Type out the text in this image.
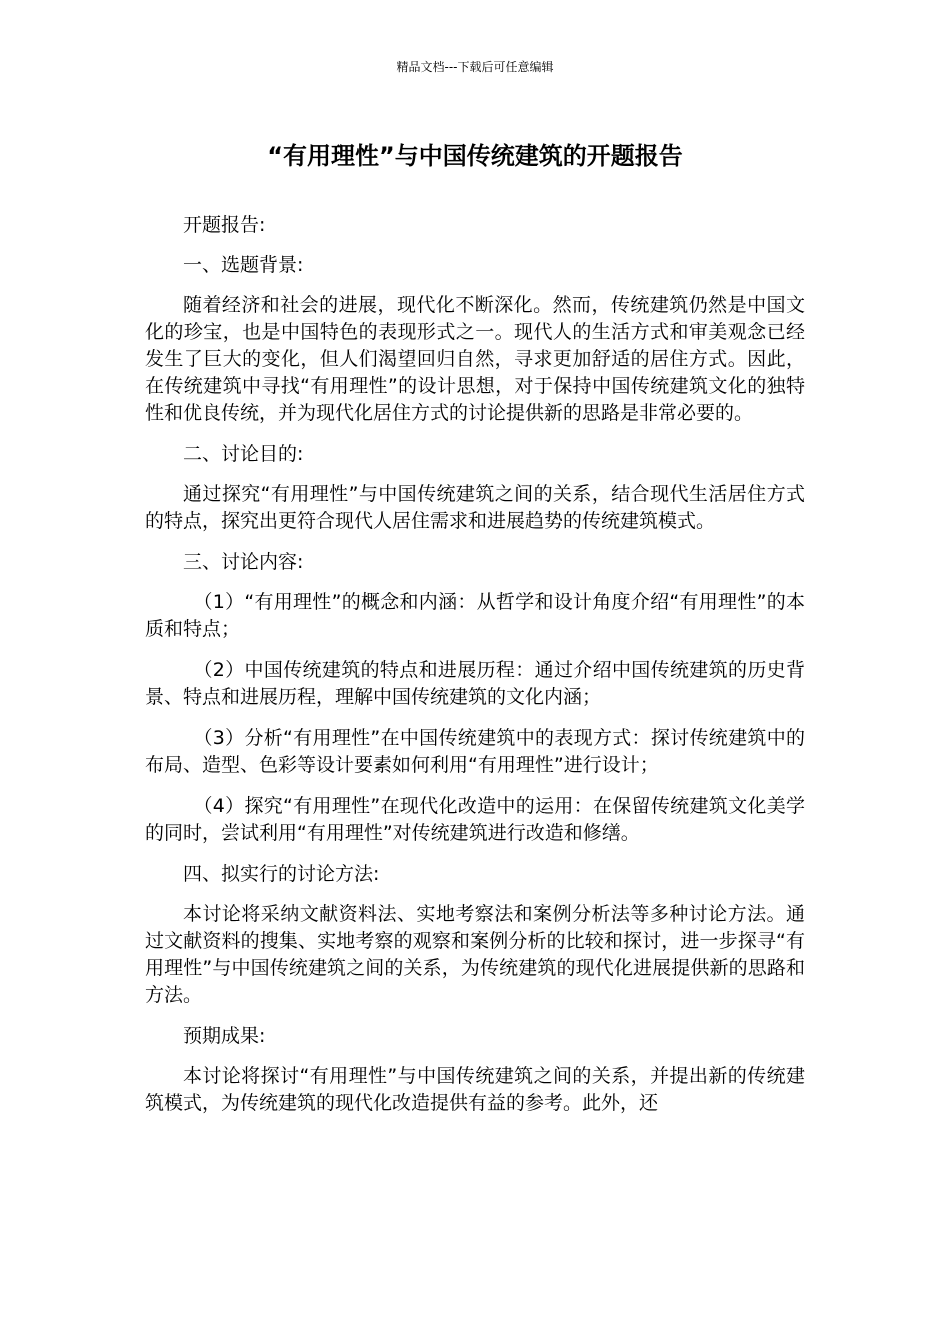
精品文档---下载后可任意编辑
“有用理性”与中国传统建筑的开题报告

开题报告:

一、选题背景:

随着经济和社会的进展，现代化不断深化。然而，传统建筑仍然是中国文化的珍宝，也是中国特色的表现形式之一。现代人的生活方式和审美观念已经发生了巨大的变化，但人们渴望回归自然，寻求更加舒适的居住方式。因此，在传统建筑中寻找“有用理性”的设计思想，对于保持中国传统建筑文化的独特性和优良传统，并为现代化居住方式的讨论提供新的思路是非常必要的。

二、讨论目的:

通过探究“有用理性”与中国传统建筑之间的关系，结合现代生活居住方式的特点，探究出更符合现代人居住需求和进展趋势的传统建筑模式。

三、讨论内容:

（1）“有用理性”的概念和内涵：从哲学和设计角度介绍“有用理性”的本质和特点；

（2）中国传统建筑的特点和进展历程：通过介绍中国传统建筑的历史背景、特点和进展历程，理解中国传统建筑的文化内涵；

（3）分析“有用理性”在中国传统建筑中的表现方式：探讨传统建筑中的布局、造型、色彩等设计要素如何利用“有用理性”进行设计；

（4）探究“有用理性”在现代化改造中的运用：在保留传统建筑文化美学的同时，尝试利用“有用理性”对传统建筑进行改造和修缮。

四、拟实行的讨论方法:

本讨论将采纳文献资料法、实地考察法和案例分析法等多种讨论方法。通过文献资料的搜集、实地考察的观察和案例分析的比较和探讨，进一步探寻“有用理性”与中国传统建筑之间的关系，为传统建筑的现代化进展提供新的思路和方法。

预期成果:

本讨论将探讨“有用理性”与中国传统建筑之间的关系，并提出新的传统建筑模式，为传统建筑的现代化改造提供有益的参考。此外，还
